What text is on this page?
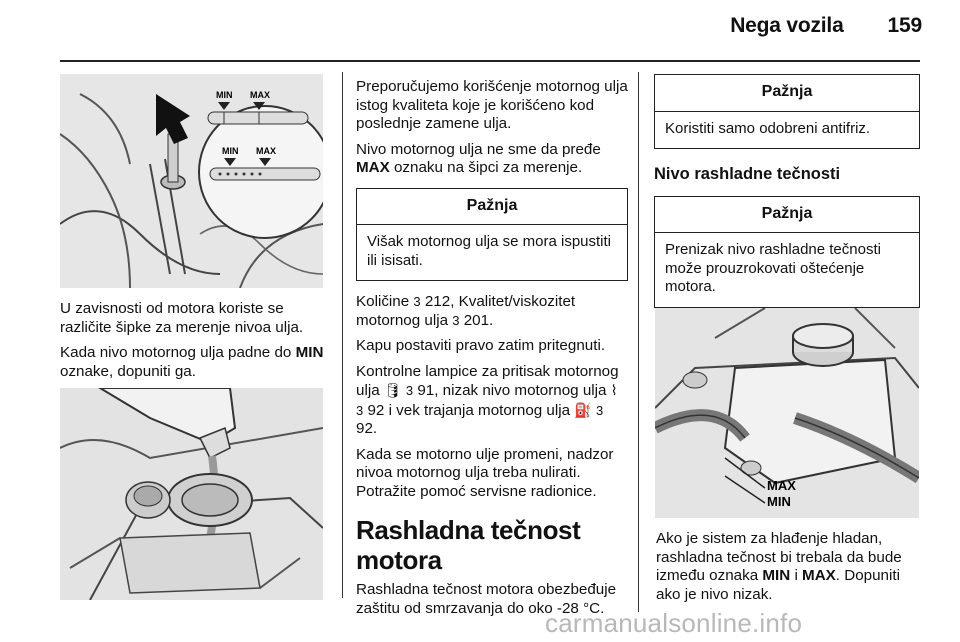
Nega vozila 159
MIN MAX
MIN MAX

U zavisnosti od motora koriste se različite šipke za merenje nivoa ulja.

Kada nivo motornog ulja padne do MIN oznake, dopuniti ga.

Preporučujemo korišćenje motornog ulja istog kvaliteta koje je korišćeno kod poslednje zamene ulja.

Nivo motornog ulja ne sme da pređe MAX oznaku na šipci za merenje.

Pažnja
Višak motornog ulja se mora ispustiti ili isisati.

Količine 3 212, Kvalitet/viskozitet motornog ulja 3 201.

Kapu postaviti pravo zatim pritegnuti.

Kontrolne lampice za pritisak motornog ulja 🛢 3 91, nizak nivo motornog ulja ⌇ 3 92 i vek trajanja motornog ulja ⛽ 3 92.

Kada se motorno ulje promeni, nadzor nivoa motornog ulja treba nulirati. Potražite pomoć servisne radionice.

Rashladna tečnost motora

Rashladna tečnost motora obezbeđuje zaštitu od smrzavanja do oko -28 °C.

Pažnja
Koristiti samo odobreni antifriz.
Nivo rashladne tečnosti
Pažnja
Prenizak nivo rashladne tečnosti može prouzrokovati oštećenje motora.
MAX
MIN

Ako je sistem za hlađenje hladan, rashladna tečnost bi trebala da bude između oznaka MIN i MAX. Dopuniti ako je nivo nizak.

carmanualsonline.info
